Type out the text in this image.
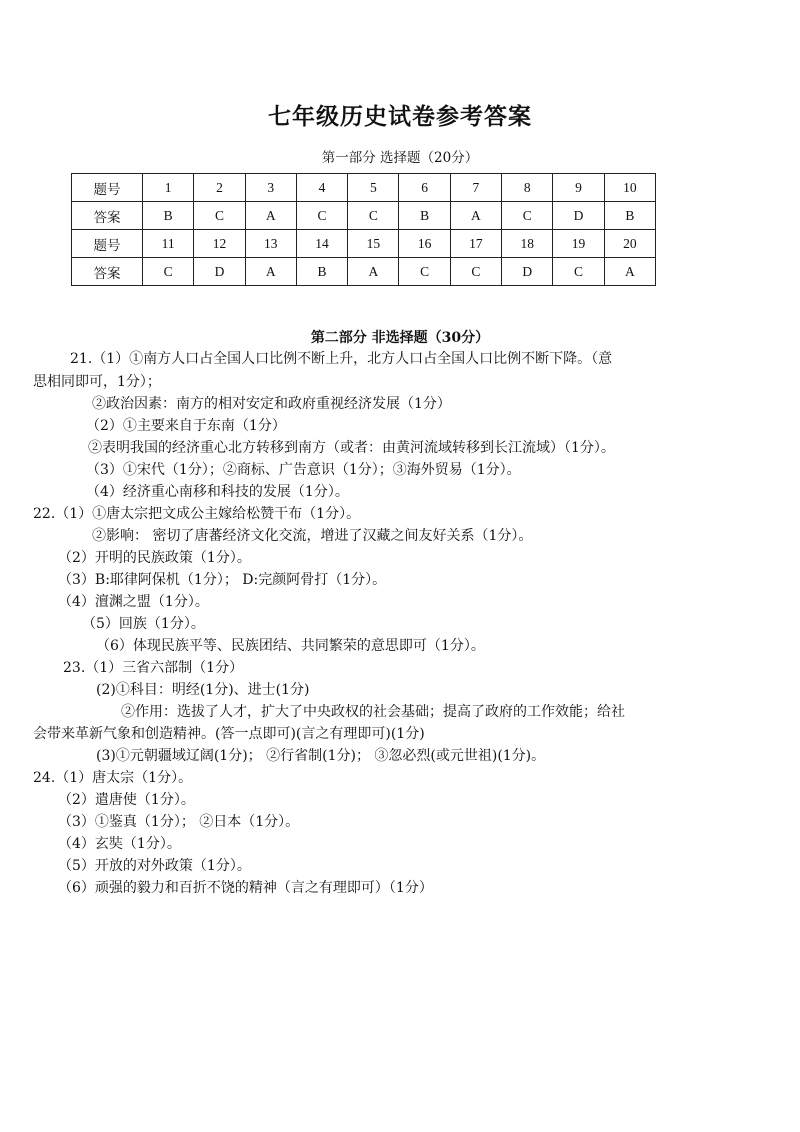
七年级历史试卷参考答案
第一部分 选择题（20分）
题号	1	2	3	4	5	6	7	8	9	10
答案	B	C	A	C	C	B	A	C	D	B
题号	11	12	13	14	15	16	17	18	19	20
答案	C	D	A	B	A	C	C	D	C	A
第二部分 非选择题（30分）
21.（1）①南方人口占全国人口比例不断上升，北方人口占全国人口比例不断下降。（意
思相同即可，1分）；
②政治因素：南方的相对安定和政府重视经济发展（1分）
（2）①主要来自于东南（1分）
②表明我国的经济重心北方转移到南方（或者：由黄河流域转移到长江流域）（1分）。
（3）①宋代（1分）；②商标、广告意识（1分）；③海外贸易（1分）。
（4）经济重心南移和科技的发展（1分）。
22.（1）①唐太宗把文成公主嫁给松赞干布（1分）。
②影响： 密切了唐蕃经济文化交流，增进了汉藏之间友好关系（1分）。
（2）开明的民族政策（1分）。
（3）B:耶律阿保机（1分）； D:完颜阿骨打（1分）。
（4）澶渊之盟（1分）。
（5）回族（1分）。
（6）体现民族平等、民族团结、共同繁荣的意思即可（1分）。
23.（1）三省六部制（1分）
(2)①科目：明经(1分)、进士(1分)
②作用：选拔了人才，扩大了中央政权的社会基础；提高了政府的工作效能；给社
会带来革新气象和创造精神。(答一点即可)(言之有理即可)(1分)
(3)①元朝疆域辽阔(1分)； ②行省制(1分)； ③忽必烈(或元世祖)(1分)。
24.（1）唐太宗（1分）。
（2）遣唐使（1分）。
（3）①鉴真（1分）； ②日本（1分）。
（4）玄奘（1分）。
（5）开放的对外政策（1分）。
（6）顽强的毅力和百折不饶的精神（言之有理即可）（1分）
